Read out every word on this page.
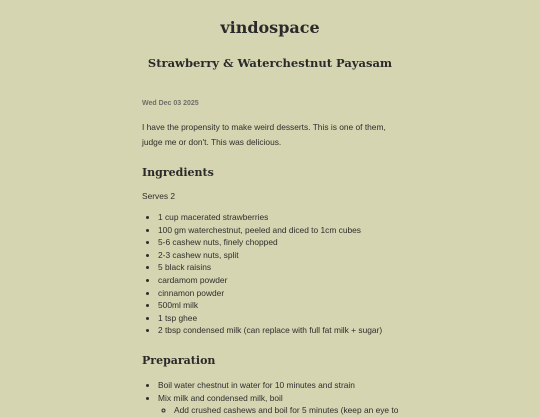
vindospace
Strawberry & Waterchestnut Payasam

Wed Dec 03 2025

I have the propensity to make weird desserts. This is one of them, judge me or don't. This was delicious.

Ingredients

Serves 2

• 1 cup macerated strawberries
• 100 gm waterchestnut, peeled and diced to 1cm cubes
• 5-6 cashew nuts, finely chopped
• 2-3 cashew nuts, split
• 5 black raisins
• cardamom powder
• cinnamon powder
• 500ml milk
• 1 tsp ghee
• 2 tbsp condensed milk (can replace with full fat milk + sugar)
Preparation
• Boil water chestnut in water for 10 minutes and strain
• Mix milk and condensed milk, boil
◦ Add crushed cashews and boil for 5 minutes (keep an eye to
